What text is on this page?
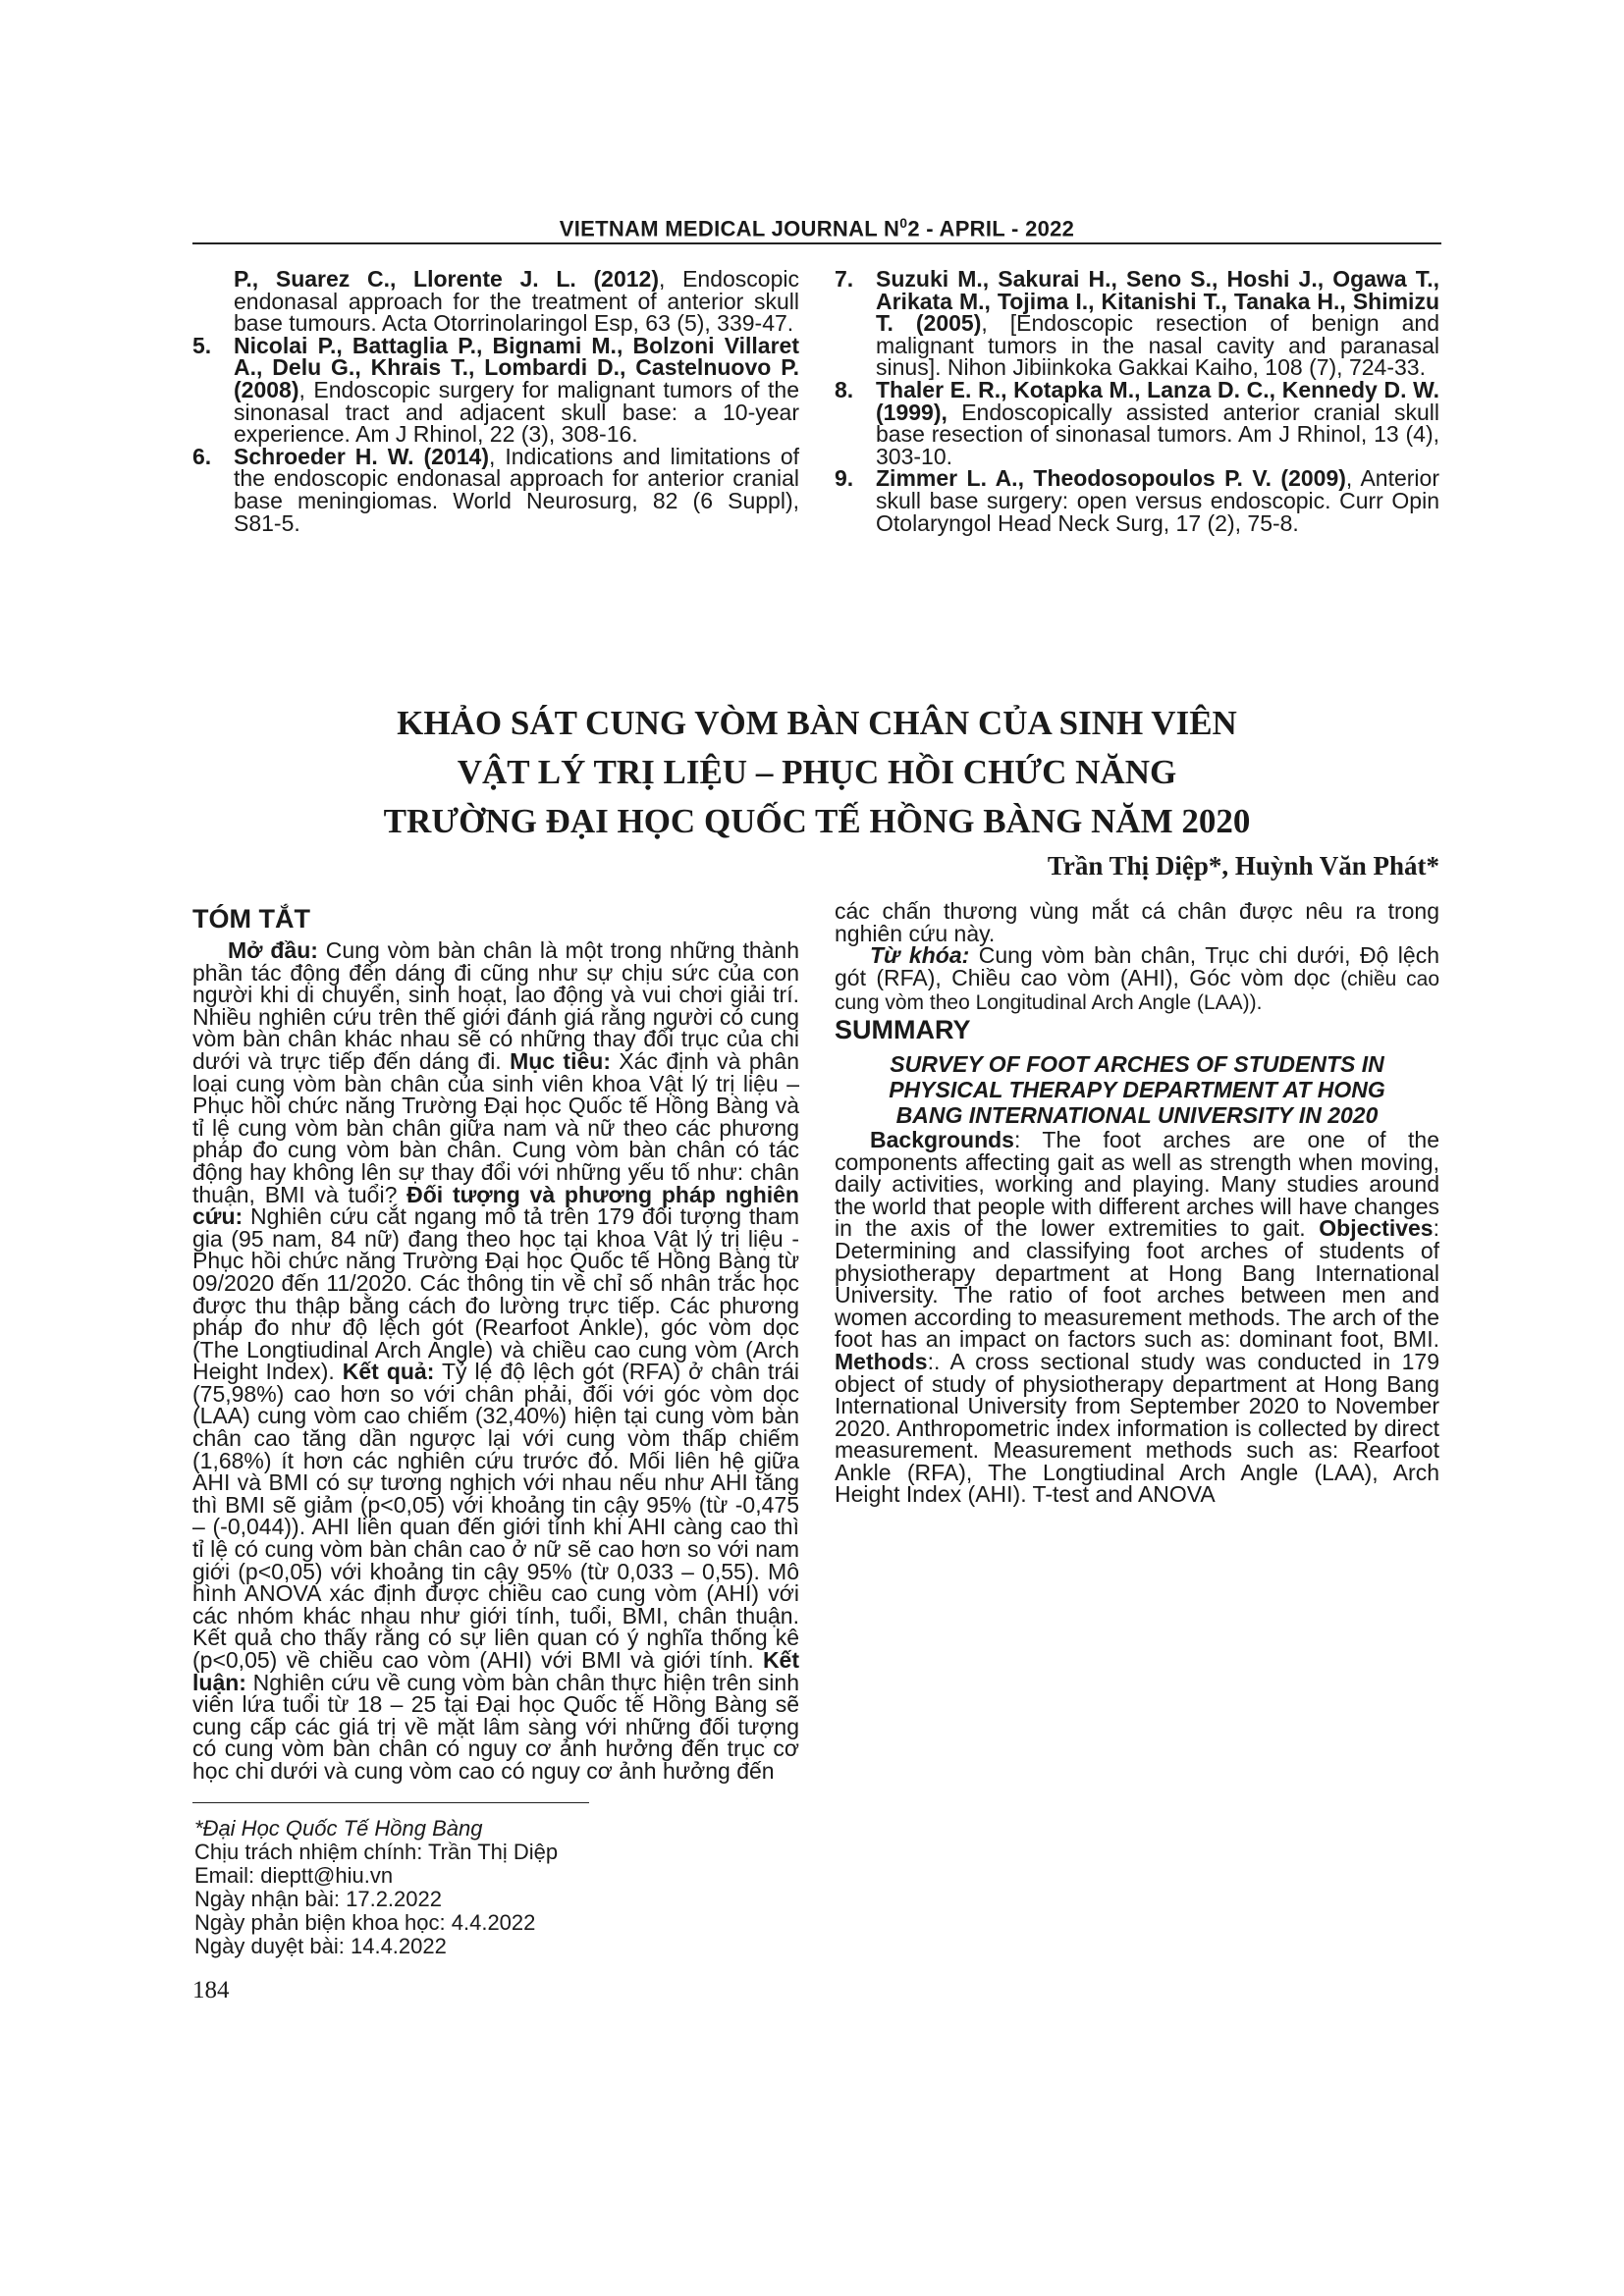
VIETNAM MEDICAL JOURNAL $N^02$ - APRIL - 2022

P., Suarez C., Llorente J. L. (2012), Endoscopic endonasal approach for the treatment of anterior skull base tumours. Acta Otorrinolaringol Esp, 63 (5), 339-47.

5. Nicolai P., Battaglia P., Bignami M., Bolzoni Villaret A., Delu G., Khrais T., Lombardi D., Castelnuovo P. (2008), Endoscopic surgery for malignant tumors of the sinonasal tract and adjacent skull base: a 10-year experience. Am J Rhinol, 22 (3), 308-16.

6. Schroeder H. W. (2014), Indications and limitations of the endoscopic endonasal approach for anterior cranial base meningiomas. World Neurosurg, 82 (6 Suppl), S81-5.

7. Suzuki M., Sakurai H., Seno S., Hoshi J., Ogawa T., Arikata M., Tojima I., Kitanishi T., Tanaka H., Shimizu T. (2005), [Endoscopic resection of benign and malignant tumors in the nasal cavity and paranasal sinus]. Nihon Jibiinkoka Gakkai Kaiho, 108 (7), 724-33.

8. Thaler E. R., Kotapka M., Lanza D. C., Kennedy D. W. (1999), Endoscopically assisted anterior cranial skull base resection of sinonasal tumors. Am J Rhinol, 13 (4), 303-10.

9. Zimmer L. A., Theodosopoulos P. V. (2009), Anterior skull base surgery: open versus endoscopic. Curr Opin Otolaryngol Head Neck Surg, 17 (2), 75-8.

KHẢO SÁT CUNG VÒM BÀN CHÂN CỦA SINH VIÊN
VẬT LÝ TRỊ LIỆU – PHỤC HỒI CHỨC NĂNG
TRƯỜNG ĐẠI HỌC QUỐC TẾ HỒNG BÀNG NĂM 2020
Trần Thị Diệp*, Huỳnh Văn Phát*
TÓM TẮT

Mở đầu: Cung vòm bàn chân là một trong những thành phần tác động đến dáng đi cũng như sự chịu sức của con người khi di chuyển, sinh hoạt, lao động và vui chơi giải trí. Nhiều nghiên cứu trên thế giới đánh giá rằng người có cung vòm bàn chân khác nhau sẽ có những thay đổi trục của chi dưới và trực tiếp đến dáng đi. Mục tiêu: Xác định và phân loại cung vòm bàn chân của sinh viên khoa Vật lý trị liệu – Phục hồi chức năng Trường Đại học Quốc tế Hồng Bàng và tỉ lệ cung vòm bàn chân giữa nam và nữ theo các phương pháp đo cung vòm bàn chân. Cung vòm bàn chân có tác động hay không lên sự thay đổi với những yếu tố như: chân thuận, BMI và tuổi? Đối tượng và phương pháp nghiên cứu: Nghiên cứu cắt ngang mô tả trên 179 đối tượng tham gia (95 nam, 84 nữ) đang theo học tại khoa Vật lý trị liệu - Phục hồi chức năng Trường Đại học Quốc tế Hồng Bàng từ 09/2020 đến 11/2020. Các thông tin về chỉ số nhân trắc học được thu thập bằng cách đo lường trực tiếp. Các phương pháp đo như độ lệch gót (Rearfoot Ankle), góc vòm dọc (The Longtiudinal Arch Angle) và chiều cao cung vòm (Arch Height Index). Kết quả: Tỷ lệ độ lệch gót (RFA) ở chân trái (75,98%) cao hơn so với chân phải, đối với góc vòm dọc (LAA) cung vòm cao chiếm (32,40%) hiện tại cung vòm bàn chân cao tăng dần ngược lại với cung vòm thấp chiếm (1,68%) ít hơn các nghiên cứu trước đó. Mối liên hệ giữa AHI và BMI có sự tương nghịch với nhau nếu như AHI tăng thì BMI sẽ giảm (p<0,05) với khoảng tin cậy 95% (từ -0,475 – (-0,044)). AHI liên quan đến giới tính khi AHI càng cao thì tỉ lệ có cung vòm bàn chân cao ở nữ sẽ cao hơn so với nam giới (p<0,05) với khoảng tin cậy 95% (từ 0,033 – 0,55). Mô hình ANOVA xác định được chiều cao cung vòm (AHI) với các nhóm khác nhau như giới tính, tuổi, BMI, chân thuận. Kết quả cho thấy rằng có sự liên quan có ý nghĩa thống kê (p<0,05) về chiều cao vòm (AHI) với BMI và giới tính. Kết luận: Nghiên cứu về cung vòm bàn chân thực hiện trên sinh viên lứa tuổi từ 18 – 25 tại Đại học Quốc tế Hồng Bàng sẽ cung cấp các giá trị về mặt lâm sàng với những đối tượng có cung vòm bàn chân có nguy cơ ảnh hưởng đến trục cơ học chi dưới và cung vòm cao có nguy cơ ảnh hưởng đến

các chấn thương vùng mắt cá chân được nêu ra trong nghiên cứu này.

Từ khóa: Cung vòm bàn chân, Trục chi dưới, Độ lệch gót (RFA), Chiều cao vòm (AHI), Góc vòm dọc (chiều cao cung vòm theo Longitudinal Arch Angle (LAA)).

SUMMARY
SURVEY OF FOOT ARCHES OF STUDENTS IN
PHYSICAL THERAPY DEPARTMENT AT HONG
BANG INTERNATIONAL UNIVERSITY IN 2020

Backgrounds: The foot arches are one of the components affecting gait as well as strength when moving, daily activities, working and playing. Many studies around the world that people with different arches will have changes in the axis of the lower extremities to gait. Objectives: Determining and classifying foot arches of students of physiotherapy department at Hong Bang International University. The ratio of foot arches between men and women according to measurement methods. The arch of the foot has an impact on factors such as: dominant foot, BMI. Methods:. A cross sectional study was conducted in 179 object of study of physiotherapy department at Hong Bang International University from September 2020 to November 2020. Anthropometric index information is collected by direct measurement. Measurement methods such as: Rearfoot Ankle (RFA), The Longtiudinal Arch Angle (LAA), Arch Height Index (AHI). T-test and ANOVA

*Đại Học Quốc Tế Hồng Bàng
Chịu trách nhiệm chính: Trần Thị Diệp
Email: dieptt@hiu.vn
Ngày nhận bài: 17.2.2022
Ngày phản biện khoa học: 4.4.2022
Ngày duyệt bài: 14.4.2022
184
